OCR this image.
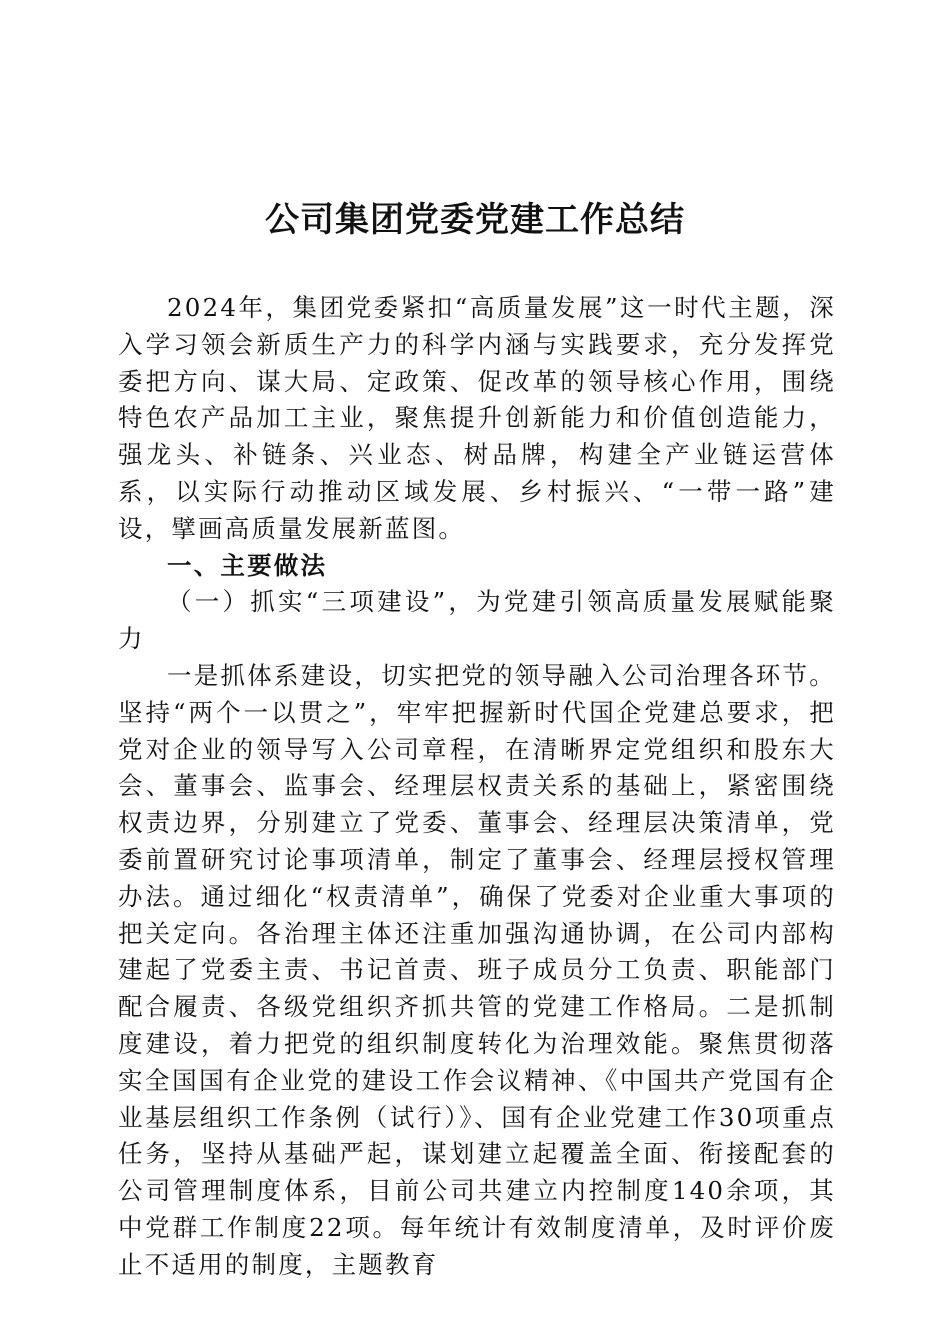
公司集团党委党建工作总结

2024年，集团党委紧扣“高质量发展”这一时代主题，深入学习领会新质生产力的科学内涵与实践要求，充分发挥党委把方向、谋大局、定政策、促改革的领导核心作用，围绕特色农产品加工主业，聚焦提升创新能力和价值创造能力，强龙头、补链条、兴业态、树品牌，构建全产业链运营体系，以实际行动推动区域发展、乡村振兴、“一带一路”建设，擘画高质量发展新蓝图。

一、主要做法
（一）抓实“三项建设”，为党建引领高质量发展赋能聚力

一是抓体系建设，切实把党的领导融入公司治理各环节。坚持“两个一以贯之”，牢牢把握新时代国企党建总要求，把党对企业的领导写入公司章程，在清晰界定党组织和股东大会、董事会、监事会、经理层权责关系的基础上，紧密围绕权责边界，分别建立了党委、董事会、经理层决策清单，党委前置研究讨论事项清单，制定了董事会、经理层授权管理办法。通过细化“权责清单”，确保了党委对企业重大事项的把关定向。各治理主体还注重加强沟通协调，在公司内部构建起了党委主责、书记首责、班子成员分工负责、职能部门配合履责、各级党组织齐抓共管的党建工作格局。二是抓制度建设，着力把党的组织制度转化为治理效能。聚焦贯彻落实全国国有企业党的建设工作会议精神、《中国共产党国有企业基层组织工作条例（试行）》、国有企业党建工作30项重点任务，坚持从基础严起，谋划建立起覆盖全面、衔接配套的公司管理制度体系，目前公司共建立内控制度140余项，其中党群工作制度22项。每年统计有效制度清单，及时评价废止不适用的制度，主题教育
